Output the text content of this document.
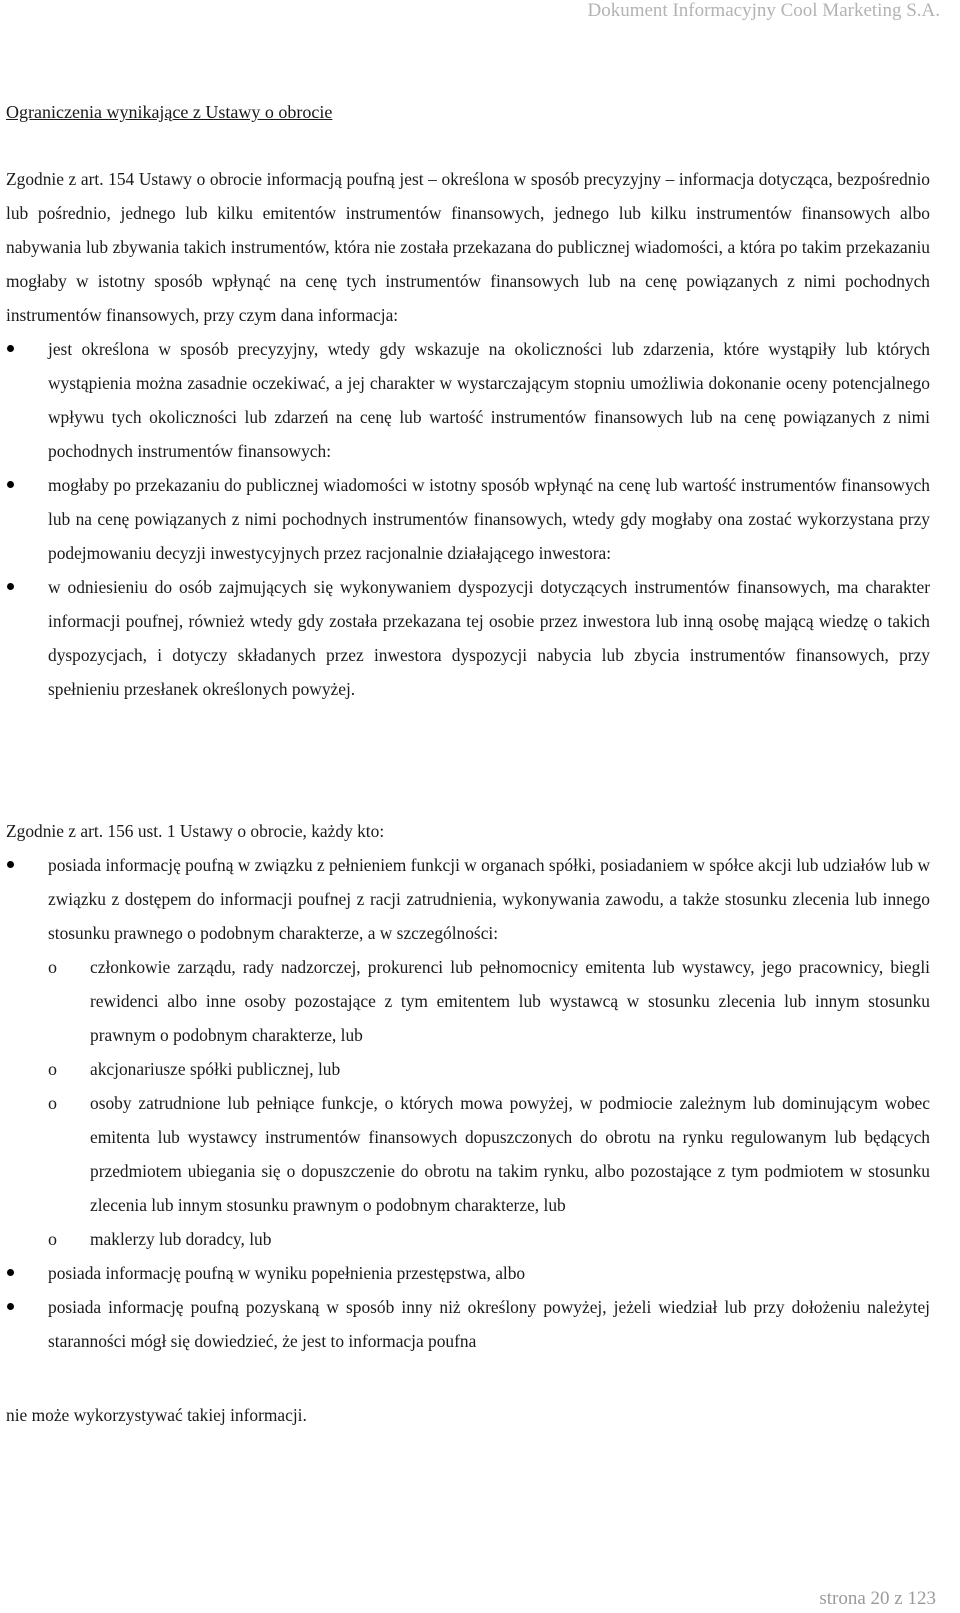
Dokument Informacyjny Cool Marketing S.A.
Ograniczenia wynikające z Ustawy o obrocie

Zgodnie z art. 154 Ustawy o obrocie informacją poufną jest – określona w sposób precyzyjny – informacja dotycząca, bezpośrednio lub pośrednio, jednego lub kilku emitentów instrumentów finansowych, jednego lub kilku instrumentów finansowych albo nabywania lub zbywania takich instrumentów, która nie została przekazana do publicznej wiadomości, a która po takim przekazaniu mogłaby w istotny sposób wpłynąć na cenę tych instrumentów finansowych lub na cenę powiązanych z nimi pochodnych instrumentów finansowych, przy czym dana informacja:

jest określona w sposób precyzyjny, wtedy gdy wskazuje na okoliczności lub zdarzenia, które wystąpiły lub których wystąpienia można zasadnie oczekiwać, a jej charakter w wystarczającym stopniu umożliwia dokonanie oceny potencjalnego wpływu tych okoliczności lub zdarzeń na cenę lub wartość instrumentów finansowych lub na cenę powiązanych z nimi pochodnych instrumentów finansowych:
mogłaby po przekazaniu do publicznej wiadomości w istotny sposób wpłynąć na cenę lub wartość instrumentów finansowych lub na cenę powiązanych z nimi pochodnych instrumentów finansowych, wtedy gdy mogłaby ona zostać wykorzystana przy podejmowaniu decyzji inwestycyjnych przez racjonalnie działającego inwestora:
w odniesieniu do osób zajmujących się wykonywaniem dyspozycji dotyczących instrumentów finansowych, ma charakter informacji poufnej, również wtedy gdy została przekazana tej osobie przez inwestora lub inną osobę mającą wiedzę o takich dyspozycjach, i dotyczy składanych przez inwestora dyspozycji nabycia lub zbycia instrumentów finansowych, przy spełnieniu przesłanek określonych powyżej.

Zgodnie z art. 156 ust. 1 Ustawy o obrocie, każdy kto:

posiada informację poufną w związku z pełnieniem funkcji w organach spółki, posiadaniem w spółce akcji lub udziałów lub w związku z dostępem do informacji poufnej z racji zatrudnienia, wykonywania zawodu, a także stosunku zlecenia lub innego stosunku prawnego o podobnym charakterze, a w szczególności:
o członkowie zarządu, rady nadzorczej, prokurenci lub pełnomocnicy emitenta lub wystawcy, jego pracownicy, biegli rewidenci albo inne osoby pozostające z tym emitentem lub wystawcą w stosunku zlecenia lub innym stosunku prawnym o podobnym charakterze, lub
o akcjonariusze spółki publicznej, lub
o osoby zatrudnione lub pełniące funkcje, o których mowa powyżej, w podmiocie zależnym lub dominującym wobec emitenta lub wystawcy instrumentów finansowych dopuszczonych do obrotu na rynku regulowanym lub będących przedmiotem ubiegania się o dopuszczenie do obrotu na takim rynku, albo pozostające z tym podmiotem w stosunku zlecenia lub innym stosunku prawnym o podobnym charakterze, lub
o maklerzy lub doradcy, lub
posiada informację poufną w wyniku popełnienia przestępstwa, albo
posiada informację poufną pozyskaną w sposób inny niż określony powyżej, jeżeli wiedział lub przy dołożeniu należytej staranności mógł się dowiedzieć, że jest to informacja poufna
nie może wykorzystywać takiej informacji.
strona 20 z 123
